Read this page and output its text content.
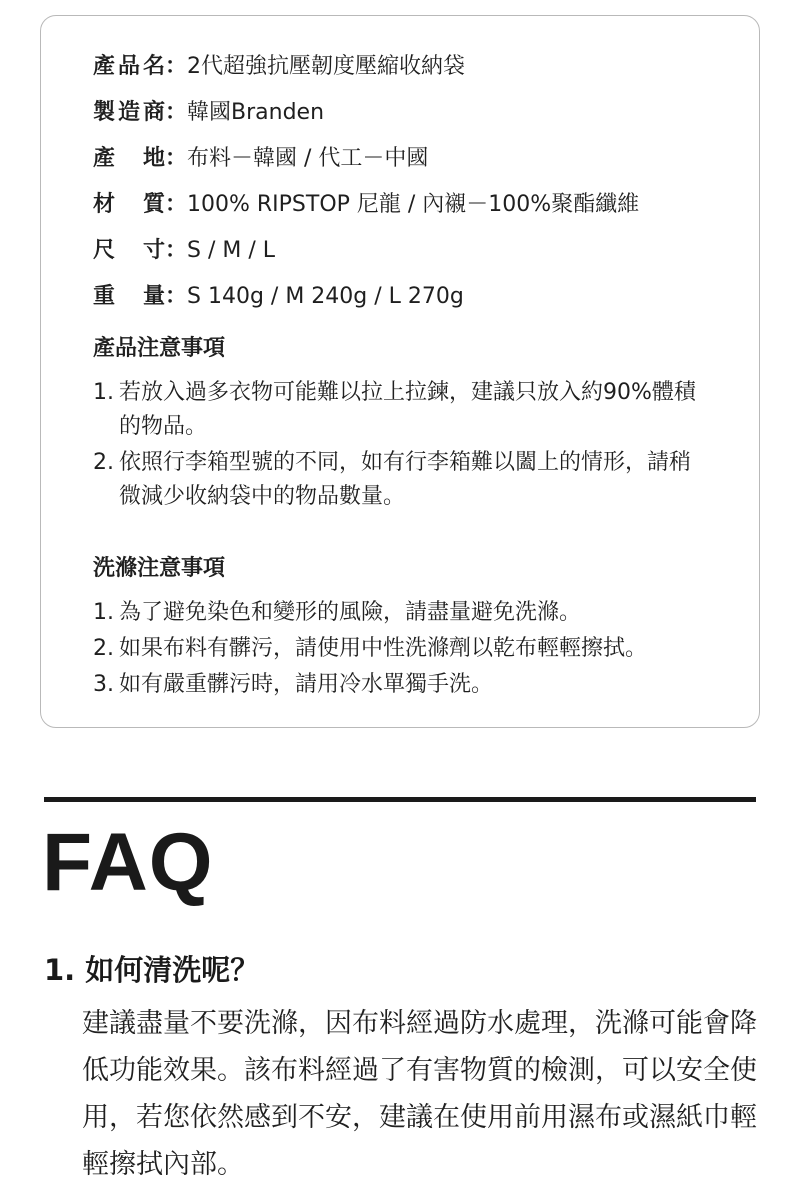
產品名 ： 2代超強抗壓韌度壓縮收納袋
製造商 ： 韓國Branden
產地 ： 布料－韓國 / 代工－中國
材質 ： 100% RIPSTOP 尼龍 / 內襯－100%聚酯纖維
尺寸 ： S / M / L
重量 ： S 140g / M 240g / L 270g
產品注意事項
1. 若放入過多衣物可能難以拉上拉鍊，建議只放入約90%體積的物品。
2. 依照行李箱型號的不同，如有行李箱難以闔上的情形，請稍微減少收納袋中的物品數量。
洗滌注意事項
1. 為了避免染色和變形的風險，請盡量避免洗滌。
2. 如果布料有髒污，請使用中性洗滌劑以乾布輕輕擦拭。
3. 如有嚴重髒污時，請用冷水單獨手洗。
FAQ
1. 如何清洗呢？
建議盡量不要洗滌，因布料經過防水處理，洗滌可能會降低功能效果。該布料經過了有害物質的檢測，可以安全使用，若您依然感到不安，建議在使用前用濕布或濕紙巾輕輕擦拭內部。
